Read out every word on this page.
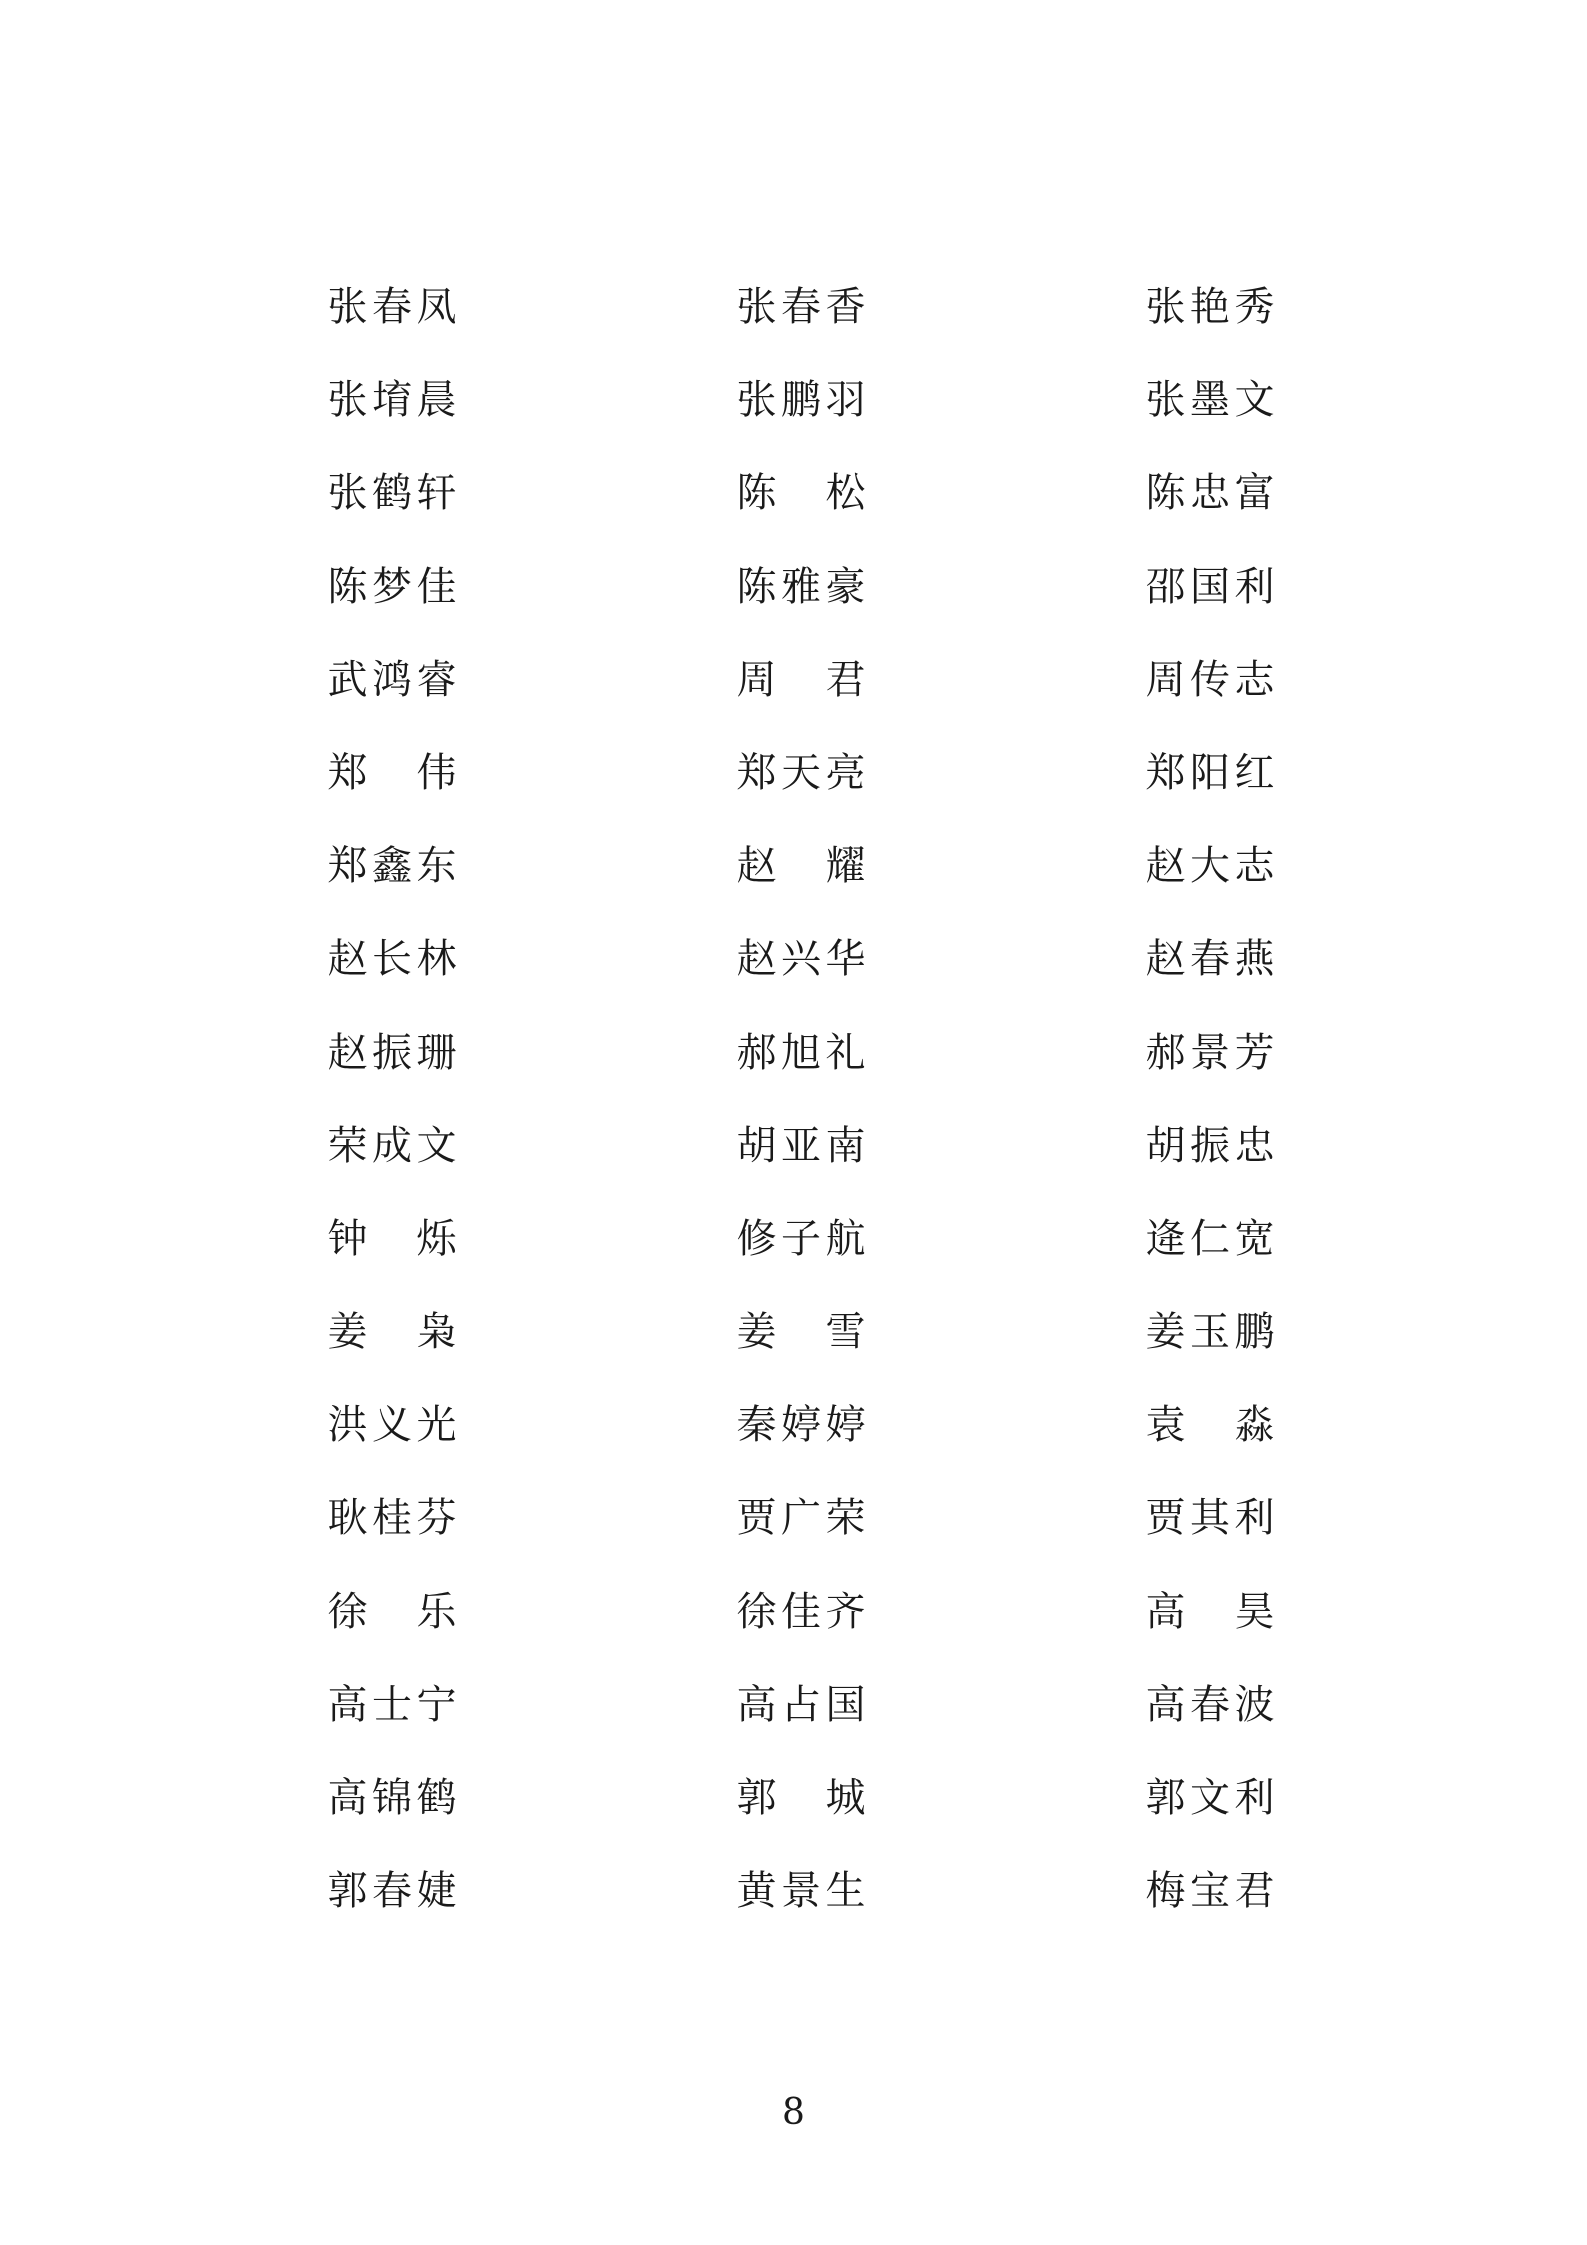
张 春 凤	张 春 香	张 艳 秀
张 堉 晨	张 鹏 羽	张 墨 文
张 鹤 轩	陈 松	陈 忠 富
陈 梦 佳	陈 雅 豪	邵 国 利
武 鸿 睿	周 君	周 传 志
郑 伟	郑 天 亮	郑 阳 红
郑 鑫 东	赵 耀	赵 大 志
赵 长 林	赵 兴 华	赵 春 燕
赵 振 珊	郝 旭 礼	郝 景 芳
荣 成 文	胡 亚 南	胡 振 忠
钟 烁	修 子 航	逄 仁 宽
姜 枭	姜 雪	姜 玉 鹏
洪 义 光	秦 婷 婷	袁 淼
耿 桂 芬	贾 广 荣	贾 其 利
徐 乐	徐 佳 齐	高 昊
高 士 宁	高 占 国	高 春 波
高 锦 鹤	郭 城	郭 文 利
郭 春 婕	黄 景 生	梅 宝 君
8
